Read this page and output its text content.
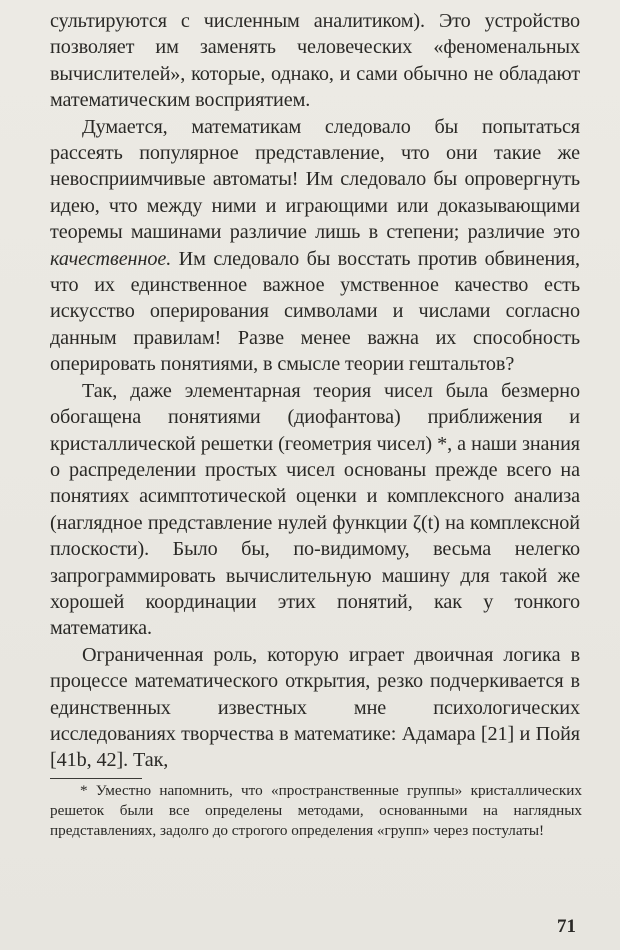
сультируются с численным аналитиком). Это устройство позволяет им заменять человеческих «феноменальных вычислителей», которые, однако, и сами обычно не обладают математическим восприятием.

Думается, математикам следовало бы попытаться рассеять популярное представление, что они такие же невосприимчивые автоматы! Им следовало бы опровергнуть идею, что между ними и играющими или доказывающими теоремы машинами различие лишь в степени; различие это качественное. Им следовало бы восстать против обвинения, что их единственное важное умственное качество есть искусство оперирования символами и числами согласно данным правилам! Разве менее важна их способность оперировать понятиями, в смысле теории гештальтов?

Так, даже элементарная теория чисел была безмерно обогащена понятиями (диофантова) приближения и кристаллической решетки (геометрия чисел) *, а наши знания о распределении простых чисел основаны прежде всего на понятиях асимптотической оценки и комплексного анализа (наглядное представление нулей функции ζ(t) на комплексной плоскости). Было бы, по-видимому, весьма нелегко запрограммировать вычислительную машину для такой же хорошей координации этих понятий, как у тонкого математика.

Ограниченная роль, которую играет двоичная логика в процессе математического открытия, резко подчеркивается в единственных известных мне психологических исследованиях творчества в математике: Адамара [21] и Пойя [41b, 42]. Так,

* Уместно напомнить, что «пространственные группы» кристаллических решеток были все определены методами, основанными на наглядных представлениях, задолго до строгого определения «групп» через постулаты!

71
